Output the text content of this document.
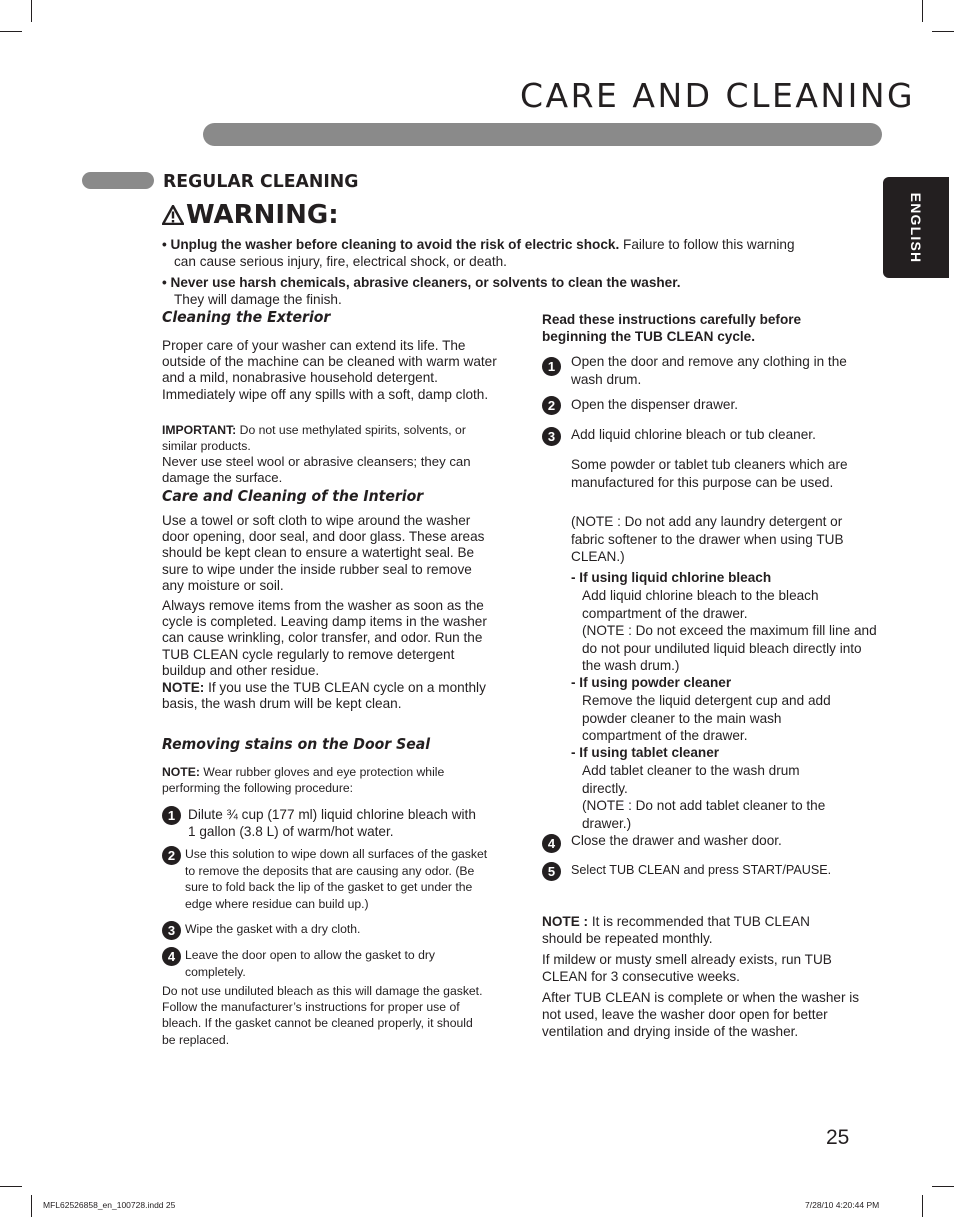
CARE AND CLEANING
ENGLISH
REGULAR CLEANING
WARNING:
• Unplug the washer before cleaning to avoid the risk of electric shock. Failure to follow this warning
can cause serious injury, fire, electrical shock, or death.
• Never use harsh chemicals, abrasive cleaners, or solvents to clean the washer.
They will damage the finish.
Cleaning the Exterior
Proper care of your washer can extend its life. The outside of the machine can be cleaned with warm water and a mild, nonabrasive household detergent. Immediately wipe off any spills with a soft, damp cloth.
IMPORTANT: Do not use methylated spirits, solvents, or similar products.
Never use steel wool or abrasive cleansers; they can damage the surface.
Care and Cleaning of the Interior
Use a towel or soft cloth to wipe around the washer door opening, door seal, and door glass. These areas should be kept clean to ensure a watertight seal. Be sure to wipe under the inside rubber seal to remove any moisture or soil.
Always remove items from the washer as soon as the cycle is completed. Leaving damp items in the washer can cause wrinkling, color transfer, and odor. Run the TUB CLEAN cycle regularly to remove detergent buildup and other residue.
NOTE: If you use the TUB CLEAN cycle on a monthly basis, the wash drum will be kept clean.
Removing stains on the Door Seal
NOTE: Wear rubber gloves and eye protection while performing the following procedure:
1 Dilute ¾ cup (177 ml) liquid chlorine bleach with 1 gallon (3.8 L) of warm/hot water.
2 Use this solution to wipe down all surfaces of the gasket to remove the deposits that are causing any odor. (Be sure to fold back the lip of the gasket to get under the edge where residue can build up.)
3 Wipe the gasket with a dry cloth.
4 Leave the door open to allow the gasket to dry completely.
Do not use undiluted bleach as this will damage the gasket. Follow the manufacturer’s instructions for proper use of bleach. If the gasket cannot be cleaned properly, it should be replaced.
Read these instructions carefully before beginning the TUB CLEAN cycle.
1	Open the door and remove any clothing in the wash drum.
2	Open the dispenser drawer.
3	Add liquid chlorine bleach or tub cleaner.
Some powder or tablet tub cleaners which are manufactured for this purpose can be used.
(NOTE : Do not add any laundry detergent or fabric softener to the drawer when using TUB CLEAN.)
- If using liquid chlorine bleach
Add liquid chlorine bleach to the bleach compartment of the drawer.
(NOTE : Do not exceed the maximum fill line and do not pour undiluted liquid bleach directly into the wash drum.)
- If using powder cleaner
Remove the liquid detergent cup and add powder cleaner to the main wash compartment of the drawer.
- If using tablet cleaner
Add tablet cleaner to the wash drum directly.
(NOTE : Do not add tablet cleaner to the drawer.)
4	Close the drawer and washer door.
5	Select TUB CLEAN and press START/PAUSE.
NOTE : It is recommended that TUB CLEAN should be repeated monthly.
If mildew or musty smell already exists, run TUB CLEAN for 3 consecutive weeks.
After TUB CLEAN is complete or when the washer is not used, leave the washer door open for better ventilation and drying inside of the washer.
25
MFL62526858_en_100728.indd 25	7/28/10 4:20:44 PM
